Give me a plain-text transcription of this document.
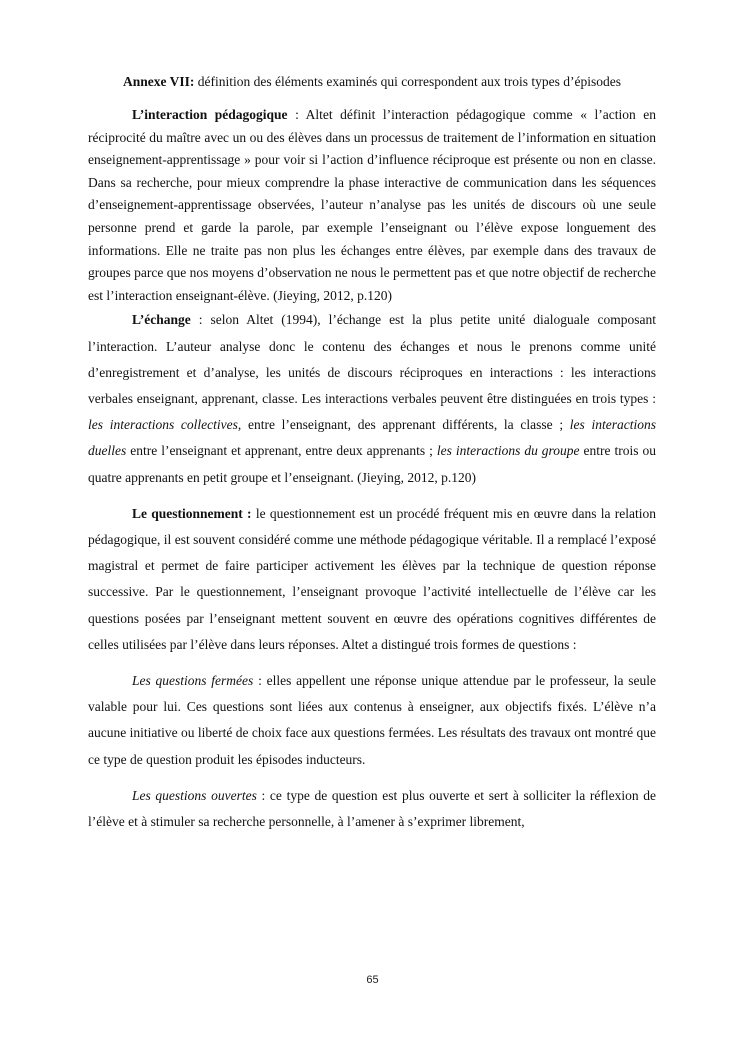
Annexe VII: définition des éléments examinés qui correspondent aux trois types d’épisodes

L’interaction pédagogique : Altet définit l’interaction pédagogique comme « l’action en réciprocité du maître avec un ou des élèves dans un processus de traitement de l’information en situation enseignement-apprentissage » pour voir si l’action d’influence réciproque est présente ou non en classe. Dans sa recherche, pour mieux comprendre la phase interactive de communication dans les séquences d’enseignement-apprentissage observées, l’auteur n’analyse pas les unités de discours où une seule personne prend et garde la parole, par exemple l’enseignant ou l’élève expose longuement des informations. Elle ne traite pas non plus les échanges entre élèves, par exemple dans des travaux de groupes parce que nos moyens d’observation ne nous le permettent pas et que notre objectif de recherche est l’interaction enseignant-élève. (Jieying, 2012, p.120)

L’échange : selon Altet (1994), l’échange est la plus petite unité dialoguale composant l’interaction. L’auteur analyse donc le contenu des échanges et nous le prenons comme unité d’enregistrement et d’analyse, les unités de discours réciproques en interactions : les interactions verbales enseignant, apprenant, classe. Les interactions verbales peuvent être distinguées en trois types : les interactions collectives, entre l’enseignant, des apprenant différents, la classe ; les interactions duelles entre l’enseignant et apprenant, entre deux apprenants ; les interactions du groupe entre trois ou quatre apprenants en petit groupe et l’enseignant. (Jieying, 2012, p.120)

Le questionnement : le questionnement est un procédé fréquent mis en œuvre dans la relation pédagogique, il est souvent considéré comme une méthode pédagogique véritable. Il a remplacé l’exposé magistral et permet de faire participer activement les élèves par la technique de question réponse successive. Par le questionnement, l’enseignant provoque l’activité intellectuelle de l’élève car les questions posées par l’enseignant mettent souvent en œuvre des opérations cognitives différentes de celles utilisées par l’élève dans leurs réponses. Altet a distingué trois formes de questions :

Les questions fermées : elles appellent une réponse unique attendue par le professeur, la seule valable pour lui. Ces questions sont liées aux contenus à enseigner, aux objectifs fixés. L’élève n’a aucune initiative ou liberté de choix face aux questions fermées. Les résultats des travaux ont montré que ce type de question produit les épisodes inducteurs.

Les questions ouvertes : ce type de question est plus ouverte et sert à solliciter la réflexion de l’élève et à stimuler sa recherche personnelle, à l’amener à s’exprimer librement,

65
